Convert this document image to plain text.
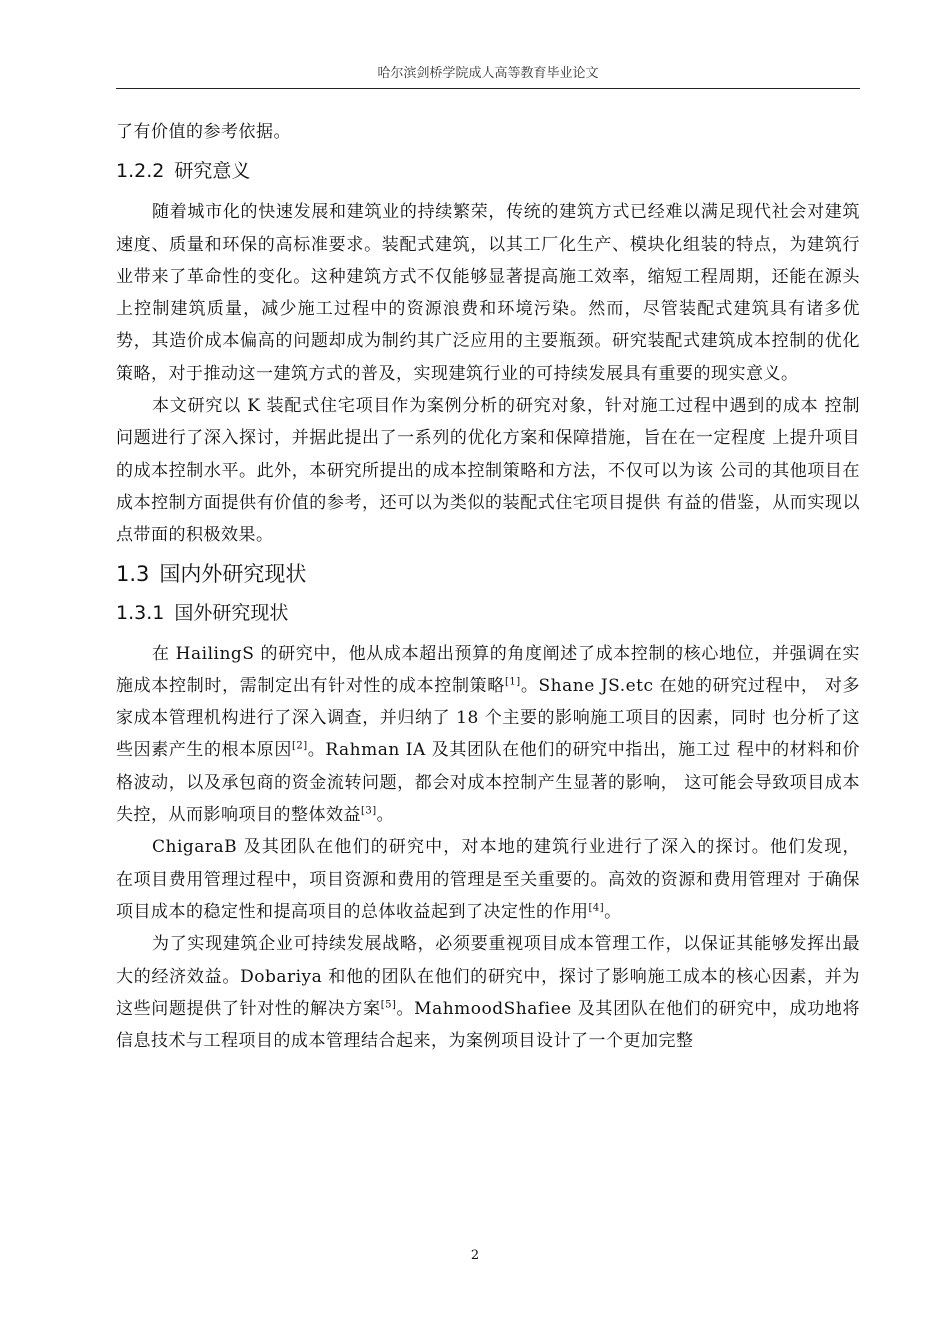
哈尔滨剑桥学院成人高等教育毕业论文

了有价值的参考依据。

1.2.2 研究意义

随着城市化的快速发展和建筑业的持续繁荣，传统的建筑方式已经难以满足现代社会对建筑速度、质量和环保的高标准要求。装配式建筑，以其工厂化生产、模块化组装的特点，为建筑行业带来了革命性的变化。这种建筑方式不仅能够显著提高施工效率，缩短工程周期，还能在源头上控制建筑质量，减少施工过程中的资源浪费和环境污染。然而，尽管装配式建筑具有诸多优势，其造价成本偏高的问题却成为制约其广泛应用的主要瓶颈。研究装配式建筑成本控制的优化策略，对于推动这一建筑方式的普及，实现建筑行业的可持续发展具有重要的现实意义。

本文研究以 K 装配式住宅项目作为案例分析的研究对象，针对施工过程中遇到的成本 控制问题进行了深入探讨，并据此提出了一系列的优化方案和保障措施，旨在在一定程度 上提升项目的成本控制水平。此外，本研究所提出的成本控制策略和方法，不仅可以为该 公司的其他项目在成本控制方面提供有价值的参考，还可以为类似的装配式住宅项目提供 有益的借鉴，从而实现以点带面的积极效果。

1.3 国内外研究现状
1.3.1 国外研究现状

在 HailingS 的研究中，他从成本超出预算的角度阐述了成本控制的核心地位，并强调在实施成本控制时，需制定出有针对性的成本控制策略[1]。Shane JS.etc 在她的研究过程中， 对多家成本管理机构进行了深入调查，并归纳了 18 个主要的影响施工项目的因素，同时 也分析了这些因素产生的根本原因[2]。Rahman IA 及其团队在他们的研究中指出，施工过 程中的材料和价格波动，以及承包商的资金流转问题，都会对成本控制产生显著的影响， 这可能会导致项目成本失控，从而影响项目的整体效益[3]。

ChigaraB 及其团队在他们的研究中，对本地的建筑行业进行了深入的探讨。他们发现， 在项目费用管理过程中，项目资源和费用的管理是至关重要的。高效的资源和费用管理对 于确保项目成本的稳定性和提高项目的总体收益起到了决定性的作用[4]。

为了实现建筑企业可持续发展战略，必须要重视项目成本管理工作，以保证其能够发挥出最大的经济效益。Dobariya 和他的团队在他们的研究中，探讨了影响施工成本的核心因素，并为这些问题提供了针对性的解决方案[5]。MahmoodShafiee 及其团队在他们的研究中，成功地将信息技术与工程项目的成本管理结合起来，为案例项目设计了一个更加完整

2
